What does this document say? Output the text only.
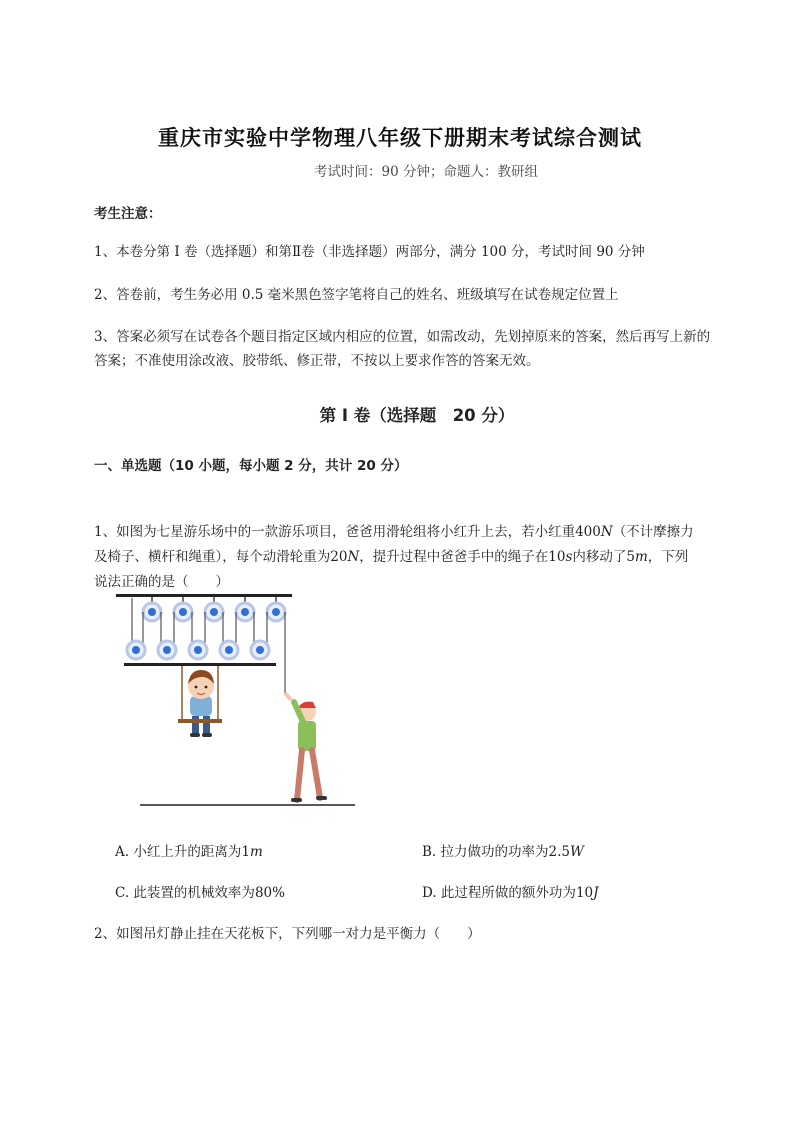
重庆市实验中学物理八年级下册期末考试综合测试
考试时间：90 分钟；命题人：教研组
考生注意：
1、本卷分第 I 卷（选择题）和第Ⅱ卷（非选择题）两部分，满分 100 分，考试时间 90 分钟
2、答卷前，考生务必用 0.5 毫米黑色签字笔将自己的姓名、班级填写在试卷规定位置上
3、答案必须写在试卷各个题目指定区域内相应的位置，如需改动，先划掉原来的答案，然后再写上新的答案；不准使用涂改液、胶带纸、修正带，不按以上要求作答的答案无效。
第 I 卷（选择题　20 分）
一、单选题（10 小题，每小题 2 分，共计 20 分）
1、如图为七星游乐场中的一款游乐项目，爸爸用滑轮组将小红升上去，若小红重400N（不计摩擦力
及椅子、横杆和绳重），每个动滑轮重为20N，提升过程中爸爸手中的绳子在10s内移动了5m，下列
说法正确的是（　　）
A. 小红上升的距离为1m	B. 拉力做功的功率为2.5W
C. 此装置的机械效率为80%	D. 此过程所做的额外功为10J
2、如图吊灯静止挂在天花板下，下列哪一对力是平衡力（　　）
